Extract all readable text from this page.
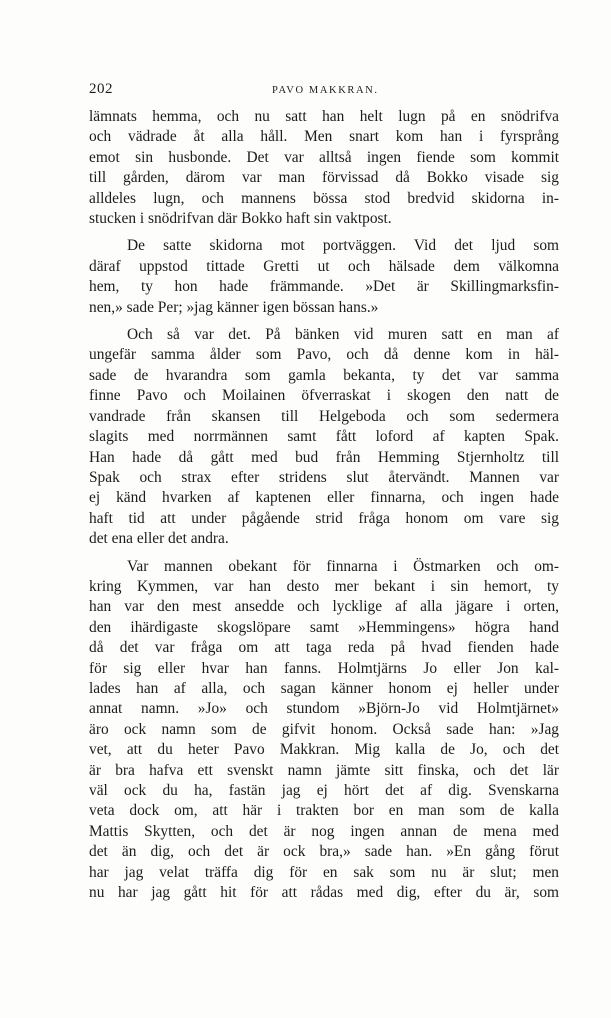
202	PAVO MAKKRAN.
lämnats hemma, och nu satt han helt lugn på en snödrifva
och vädrade åt alla håll. Men snart kom han i fyrsprång
emot sin husbonde. Det var alltså ingen fiende som kommit
till gården, därom var man förvissad då Bokko visade sig
alldeles lugn, och mannens bössa stod bredvid skidorna in-
stucken i snödrifvan där Bokko haft sin vaktpost.
De satte skidorna mot portväggen. Vid det ljud som
däraf uppstod tittade Gretti ut och hälsade dem välkomna
hem, ty hon hade främmande. »Det är Skillingmarksfin-
nen,» sade Per; »jag känner igen bössan hans.»
Och så var det. På bänken vid muren satt en man af
ungefär samma ålder som Pavo, och då denne kom in häl-
sade de hvarandra som gamla bekanta, ty det var samma
finne Pavo och Moilainen öfverraskat i skogen den natt de
vandrade från skansen till Helgeboda och som sedermera
slagits med norrmännen samt fått loford af kapten Spak.
Han hade då gått med bud från Hemming Stjernholtz till
Spak och strax efter stridens slut återvändt. Mannen var
ej känd hvarken af kaptenen eller finnarna, och ingen hade
haft tid att under pågående strid fråga honom om vare sig
det ena eller det andra.
Var mannen obekant för finnarna i Östmarken och om-
kring Kymmen, var han desto mer bekant i sin hemort, ty
han var den mest ansedde och lycklige af alla jägare i orten,
den ihärdigaste skogslöpare samt »Hemmingens» högra hand
då det var fråga om att taga reda på hvad fienden hade
för sig eller hvar han fanns. Holmtjärns Jo eller Jon kal-
lades han af alla, och sagan känner honom ej heller under
annat namn. »Jo» och stundom »Björn-Jo vid Holmtjärnet»
äro ock namn som de gifvit honom. Också sade han: »Jag
vet, att du heter Pavo Makkran. Mig kalla de Jo, och det
är bra hafva ett svenskt namn jämte sitt finska, och det lär
väl ock du ha, fastän jag ej hört det af dig. Svenskarna
veta dock om, att här i trakten bor en man som de kalla
Mattis Skytten, och det är nog ingen annan de mena med
det än dig, och det är ock bra,» sade han. »En gång förut
har jag velat träffa dig för en sak som nu är slut; men
nu har jag gått hit för att rådas med dig, efter du är, som
